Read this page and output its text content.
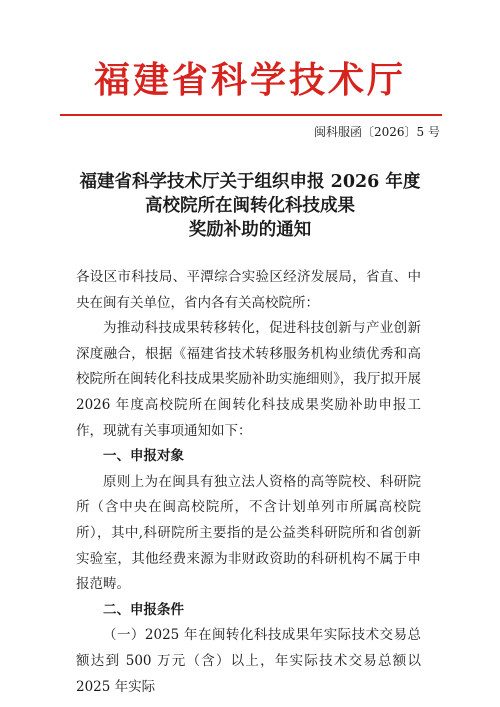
福建省科学技术厅
闽科服函〔2026〕5 号
福建省科学技术厅关于组织申报 2026 年度
高校院所在闽转化科技成果
奖励补助的通知

各设区市科技局、平潭综合实验区经济发展局，省直、中央在闽有关单位，省内各有关高校院所：

为推动科技成果转移转化，促进科技创新与产业创新深度融合，根据《福建省技术转移服务机构业绩优秀和高校院所在闽转化科技成果奖励补助实施细则》，我厅拟开展 2026 年度高校院所在闽转化科技成果奖励补助申报工作，现就有关事项通知如下：

一、申报对象

原则上为在闽具有独立法人资格的高等院校、科研院所（含中央在闽高校院所，不含计划单列市所属高校院所），其中,科研院所主要指的是公益类科研院所和省创新实验室，其他经费来源为非财政资助的科研机构不属于申报范畴。

二、申报条件

（一）2025 年在闽转化科技成果年实际技术交易总额达到 500 万元（含）以上，年实际技术交易总额以 2025 年实际
